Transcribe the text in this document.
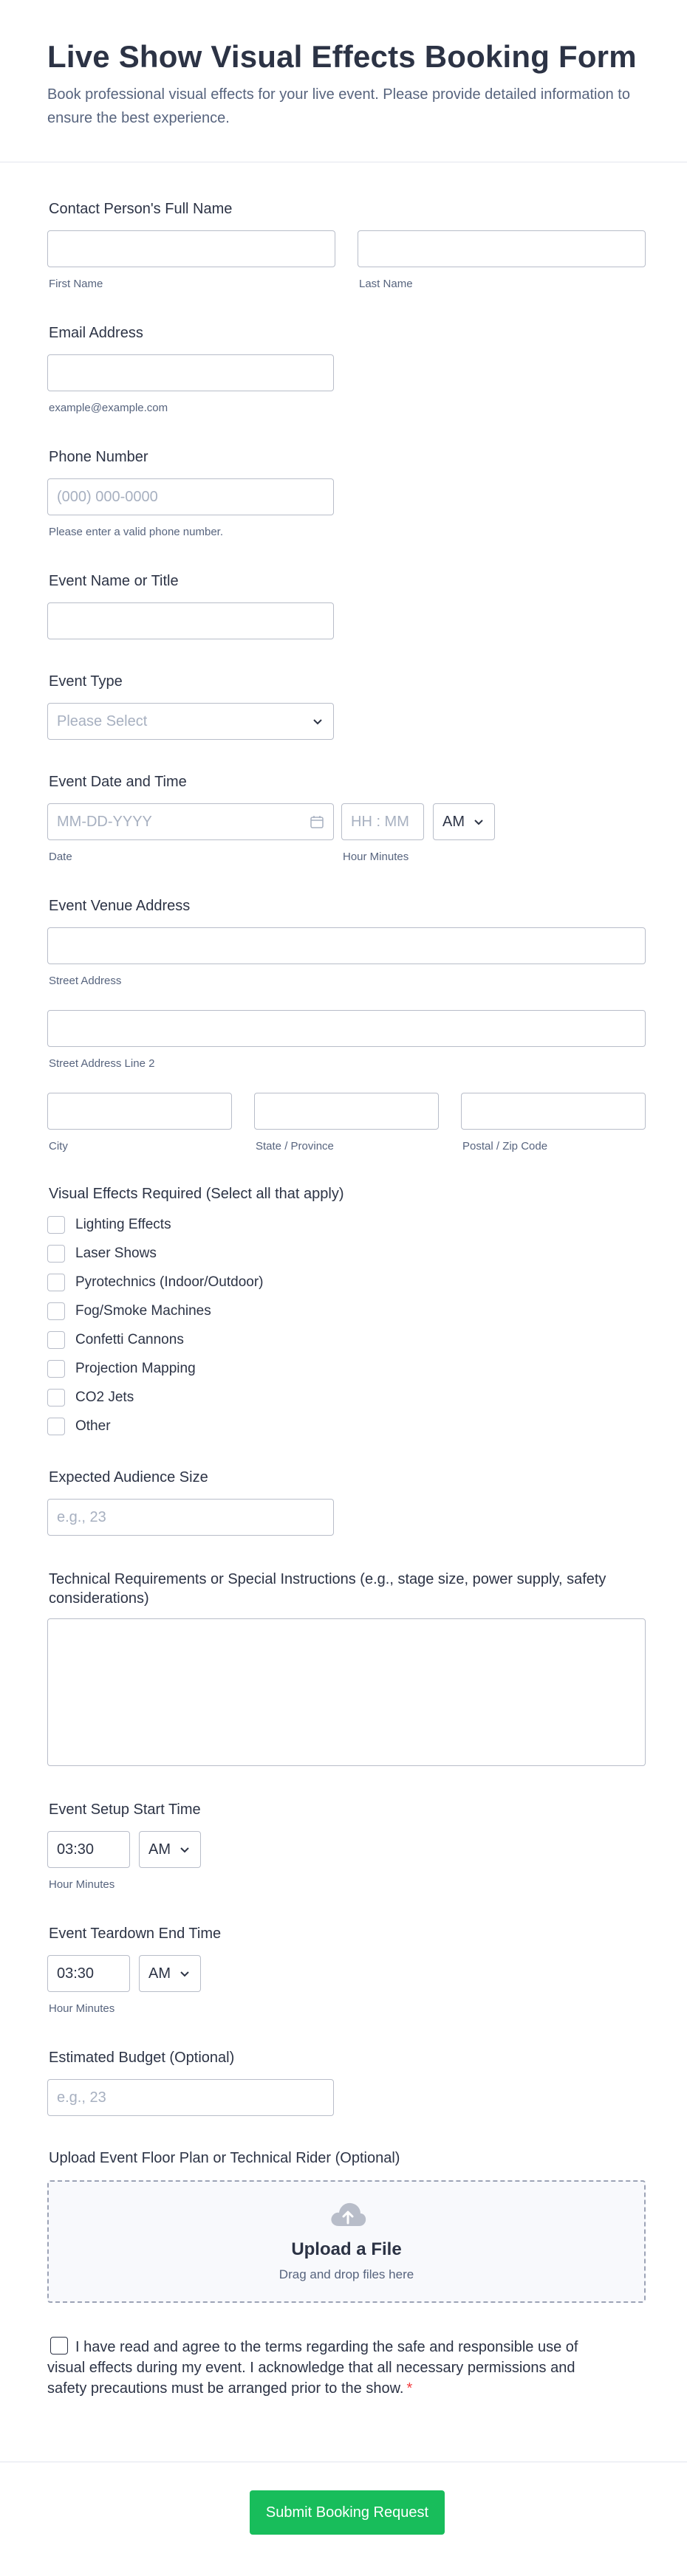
Live Show Visual Effects Booking Form

Book professional visual effects for your live event. Please provide detailed information to ensure the best experience.

Contact Person's Full Name
First Name	Last Name
Email Address
example@example.com
Phone Number
(000) 000-0000
Please enter a valid phone number.
Event Name or Title
Event Type
Please Select
Event Date and Time
MM-DD-YYYY	HH : MM AM
Date	Hour Minutes
Event Venue Address
Street Address
Street Address Line 2
City	State / Province	Postal / Zip Code
Visual Effects Required (Select all that apply)
Lighting Effects
Laser Shows
Pyrotechnics (Indoor/Outdoor)
Fog/Smoke Machines
Confetti Cannons
Projection Mapping
CO2 Jets
Other
Expected Audience Size
e.g., 23
Technical Requirements or Special Instructions (e.g., stage size, power supply, safety considerations)
Event Setup Start Time
03:30	AM
Hour Minutes
Event Teardown End Time
03:30	AM
Hour Minutes
Estimated Budget (Optional)
e.g., 23
Upload Event Floor Plan or Technical Rider (Optional)
Upload a File
Drag and drop files here
I have read and agree to the terms regarding the safe and responsible use of visual effects during my event. I acknowledge that all necessary permissions and safety precautions must be arranged prior to the show. *
Submit Booking Request
